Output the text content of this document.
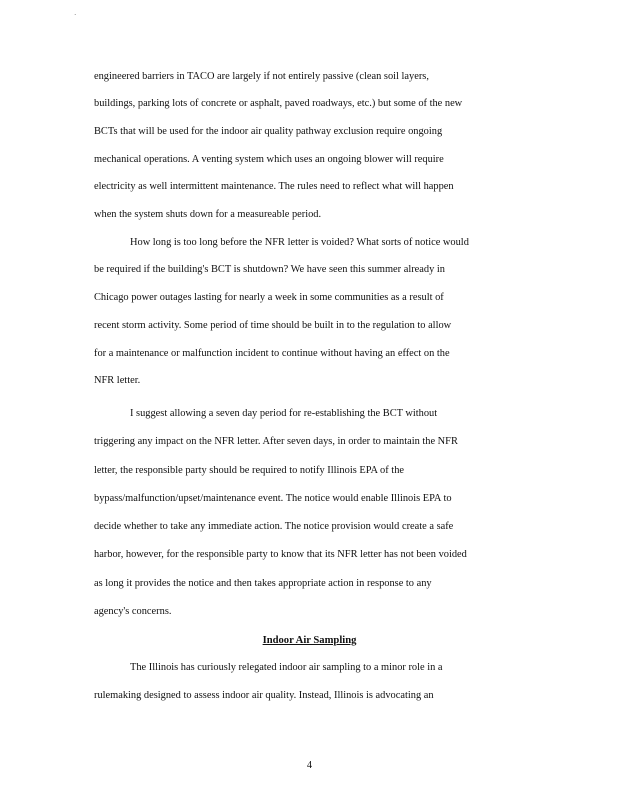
·
engineered barriers in TACO are largely if not entirely passive (clean soil layers,
buildings, parking lots of concrete or asphalt, paved roadways, etc.) but some of the new
BCTs that will be used for the indoor air quality pathway exclusion require ongoing
mechanical operations. A venting system which uses an ongoing blower will require
electricity as well intermittent maintenance. The rules need to reflect what will happen
when the system shuts down for a measureable period.
How long is too long before the NFR letter is voided? What sorts of notice would
be required if the building's BCT is shutdown? We have seen this summer already in
Chicago power outages lasting for nearly a week in some communities as a result of
recent storm activity. Some period of time should be built in to the regulation to allow
for a maintenance or malfunction incident to continue without having an effect on the
NFR letter.
I suggest allowing a seven day period for re-establishing the BCT without
triggering any impact on the NFR letter. After seven days, in order to maintain the NFR
letter, the responsible party should be required to notify Illinois EPA of the
bypass/malfunction/upset/maintenance event. The notice would enable Illinois EPA to
decide whether to take any immediate action. The notice provision would create a safe
harbor, however, for the responsible party to know that its NFR letter has not been voided
as long it provides the notice and then takes appropriate action in response to any
agency's concerns.
Indoor Air Sampling
The Illinois has curiously relegated indoor air sampling to a minor role in a
rulemaking designed to assess indoor air quality. Instead, Illinois is advocating an
4
